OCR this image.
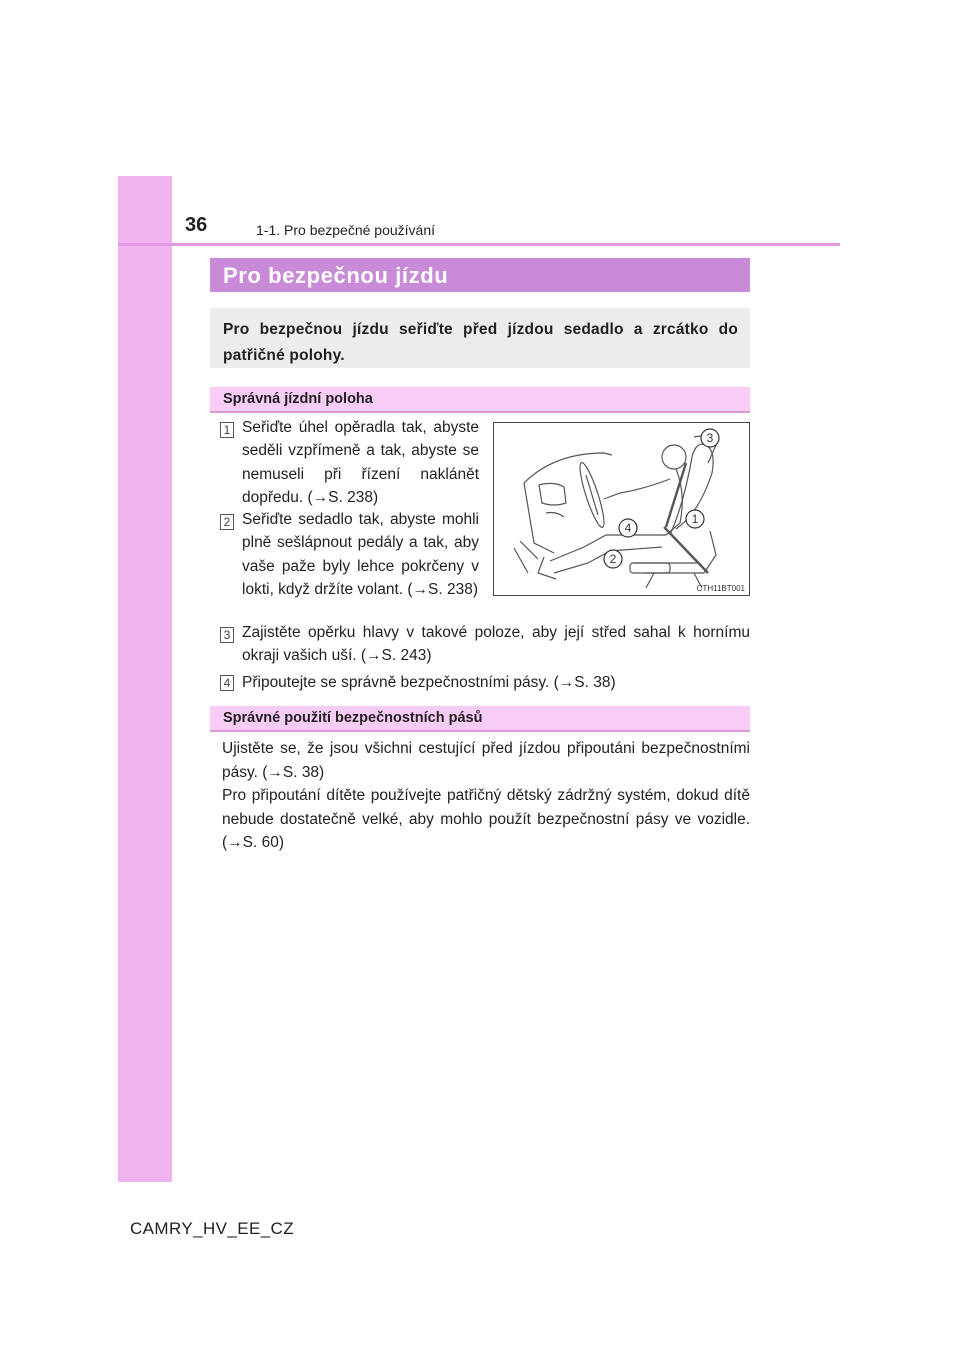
36	1-1. Pro bezpečné používání
Pro bezpečnou jízdu

Pro bezpečnou jízdu seřiďte před jízdou sedadlo a zrcátko do patřičné polohy.

Správná jízdní poloha
1 Seřiďte úhel opěradla tak, abyste seděli vzpřímeně a tak, abyste se nemuseli při řízení naklánět dopředu. (→S. 238)

2 Seřiďte sedadlo tak, abyste mohli plně sešlápnout pedály a tak, aby vaše paže byly lehce pokrčeny v lokti, když držíte volant. (→S. 238)

3
4
1
2
CTH11BT001
3 Zajistěte opěrku hlavy v takové poloze, aby její střed sahal k hornímu okraji vašich uší. (→S. 243)

4 Připoutejte se správně bezpečnostními pásy. (→S. 38)

Správné použití bezpečnostních pásů

Ujistěte se, že jsou všichni cestující před jízdou připoutáni bezpečnostními pásy. (→S. 38)

Pro připoutání dítěte používejte patřičný dětský zádržný systém, dokud dítě nebude dostatečně velké, aby mohlo použít bezpečnostní pásy ve vozidle. (→S. 60)

CAMRY_HV_EE_CZ
